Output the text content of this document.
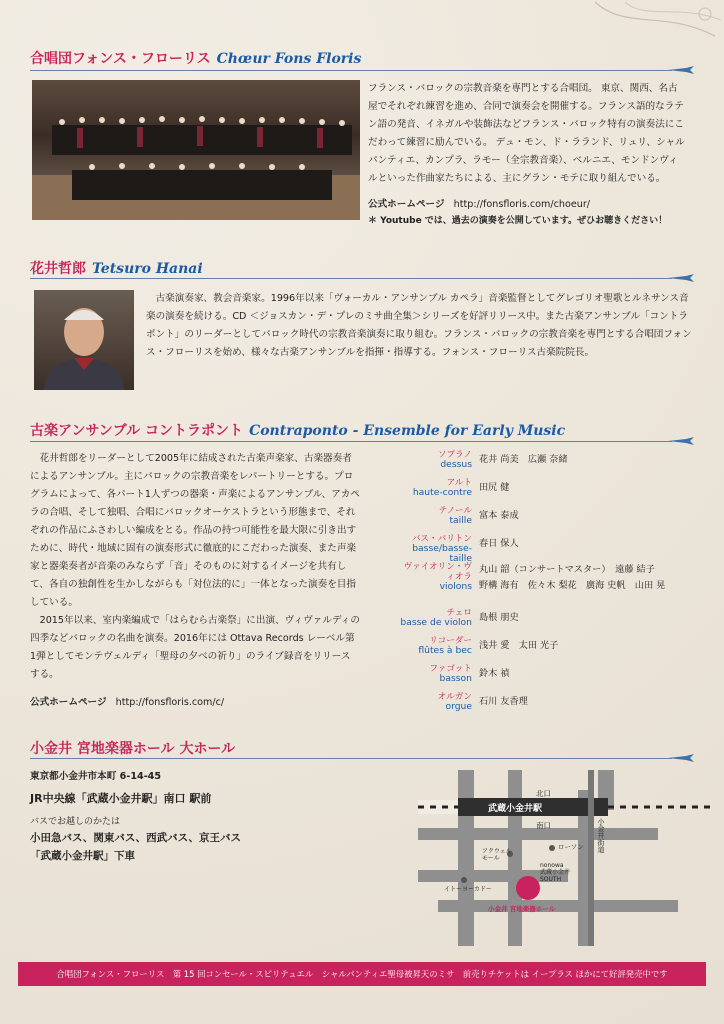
合唱団フォンス・フローリス Chœur Fons Floris
フランス・バロックの宗教音楽を専門とする合唱団。 東京、関西、名古屋でそれぞれ練習を進め、合同で演奏会を開催する。フランス語的なラテン語の発音、イネガルや装飾法などフランス・バロック特有の演奏法にこだわって練習に励んでいる。 デュ・モン、ド・ラランド、リュリ、シャルパンティエ、カンプラ、ラモー（全宗教音楽）、ベルニエ、モンドンヴィルといった作曲家たちによる、主にグラン・モテに取り組んでいる。
公式ホームページ http://fonsfloris.com/choeur/
＊ Youtube では、過去の演奏を公開しています。ぜひお聴きください！
花井哲郎 Tetsuro Hanai
古楽演奏家、教会音楽家。1996年以来「ヴォーカル・アンサンブル カペラ」音楽監督としてグレゴリオ聖歌とルネサンス音楽の演奏を続ける。CD ＜ジョスカン・デ・プレのミサ曲全集＞シリーズを好評リリース中。また古楽アンサンブル「コントラポント」のリーダーとしてバロック時代の宗教音楽演奏に取り組む。フランス・バロックの宗教音楽を専門とする合唱団フォンス・フローリスを始め、様々な古楽アンサンブルを指揮・指導する。フォンス・フローリス古楽院院長。
古楽アンサンブル コントラポント Contraponto - Ensemble for Early Music
花井哲郎をリーダーとして2005年に結成された古楽声楽家、古楽器奏者によるアンサンブル。主にバロックの宗教音楽をレパートリーとする。プログラムによって、各パート1人ずつの器楽・声楽によるアンサンブル、アカペラの合唱、そして独唱、合唱にバロックオーケストラという形態まで、それぞれの作品にふさわしい編成をとる。作品の持つ可能性を最大限に引き出すために、時代・地域に固有の演奏形式に徹底的にこだわった演奏、また声楽家と器楽奏者が音楽のみならず「音」そのものに対するイメージを共有して、各自の独創性を生かしながらも「対位法的に」一体となった演奏を目指している。
2015年以来、室内楽編成で「はらむら古楽祭」に出演、ヴィヴァルディの四季などバロックの名曲を演奏。2016年には Ottava Records レーベル第1弾としてモンテヴェルディ「聖母の夕べの祈り」のライブ録音をリリースする。
公式ホームページ http://fonsfloris.com/c/
ソプラノ
dessus 花井 尚美　広瀬 奈緒
アルト
haute-contre 田尻 健
テノール
taille 富本 泰成
バス・バリトン
basse/basse-taille
春日 保人
ヴァイオリン・ヴィオラ
violons
丸山 韶（コンサートマスター）　遠藤 結子
野構 海有　佐々木 梨花　廣海 史帆　山田 晃
チェロ
basse de violon 島根 朋史
リコーダー
flûtes à bec 浅井 愛　太田 光子
ファゴット
basson 鈴木 禎
オルガン
orgue 石川 友香理
小金井 宮地楽器ホール 大ホール
東京都小金井市本町 6-14-45
JR中央線「武蔵小金井駅」南口 駅前
バスでお越しのかたは
小田急バス、関東バス、西武バス、京王バス
「武蔵小金井駅」下車
北口
武蔵小金井駅
南口	小金井街道
ローソン
アクウェル
モール
nonowa
武蔵小金井
SOUTH
イトーヨーカドー
小金井 宮地楽器ホール
合唱団フォンス・フローリス　第 15 回コンセール・スピリテュエル　シャルパンティエ聖母被昇天のミサ　前売りチケットは イープラス ほかにて好評発売中です
